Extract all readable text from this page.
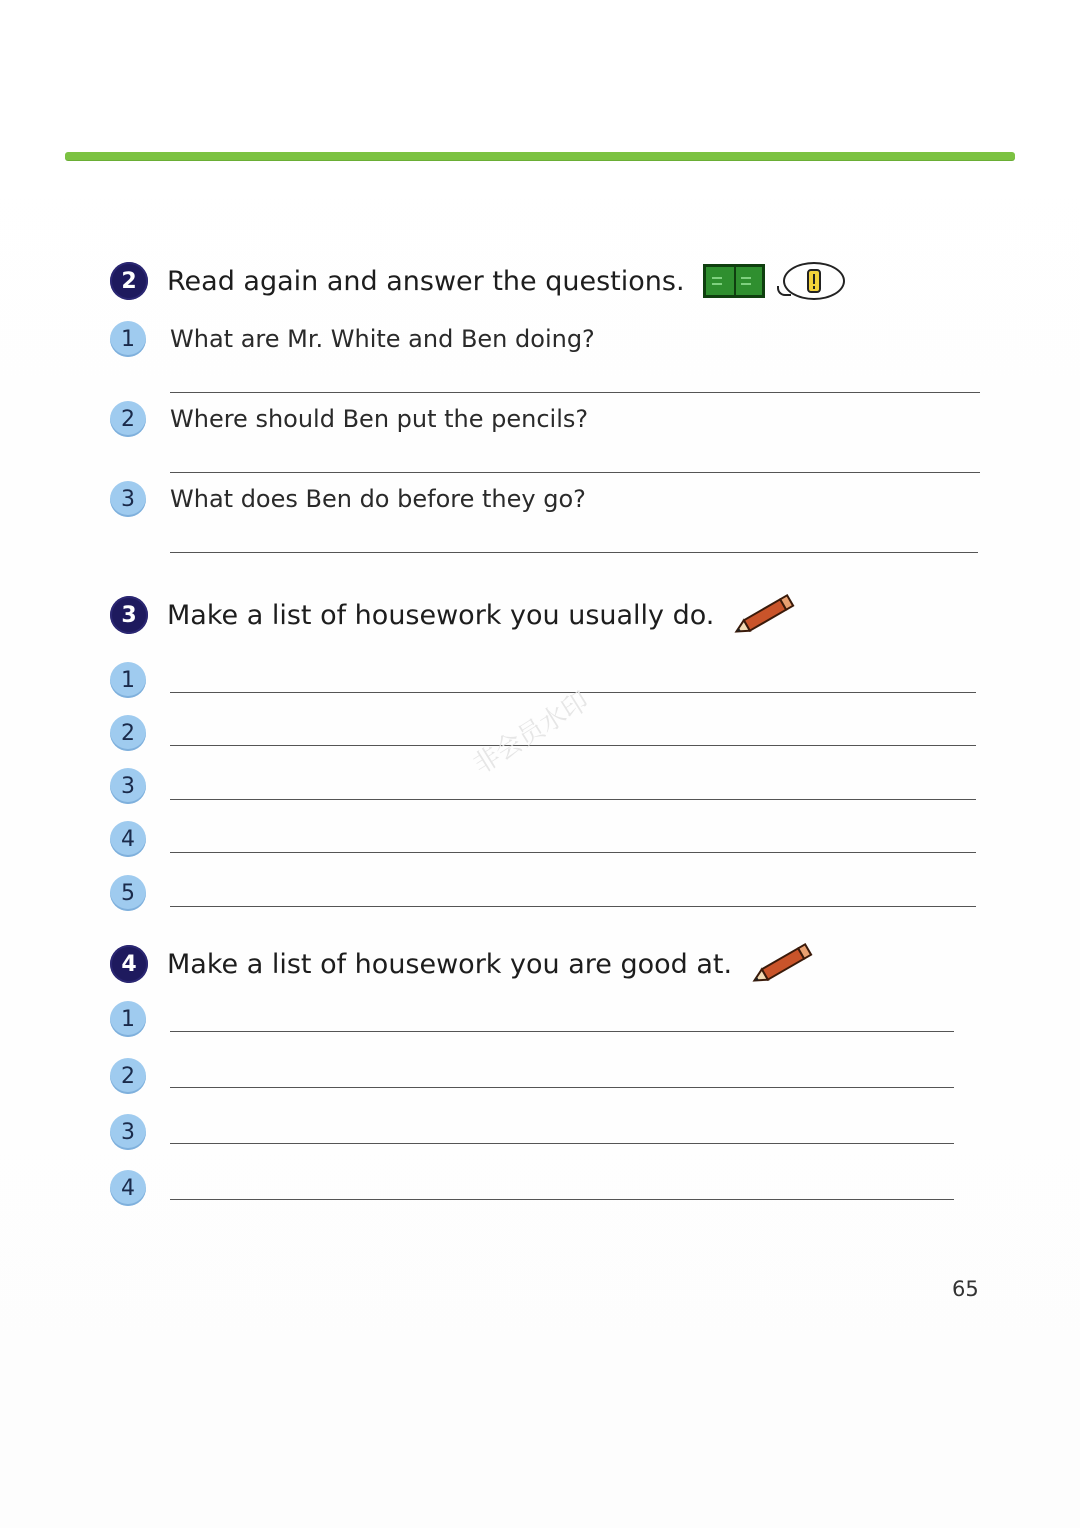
2	Read again and answer the questions.
1	What are Mr. White and Ben doing?
2	Where should Ben put the pencils?
3	What does Ben do before they go?
3	Make a list of housework you usually do.
1
2
3
4
5
4	Make a list of housework you are good at.
1
2
3
4
非会员水印
65
